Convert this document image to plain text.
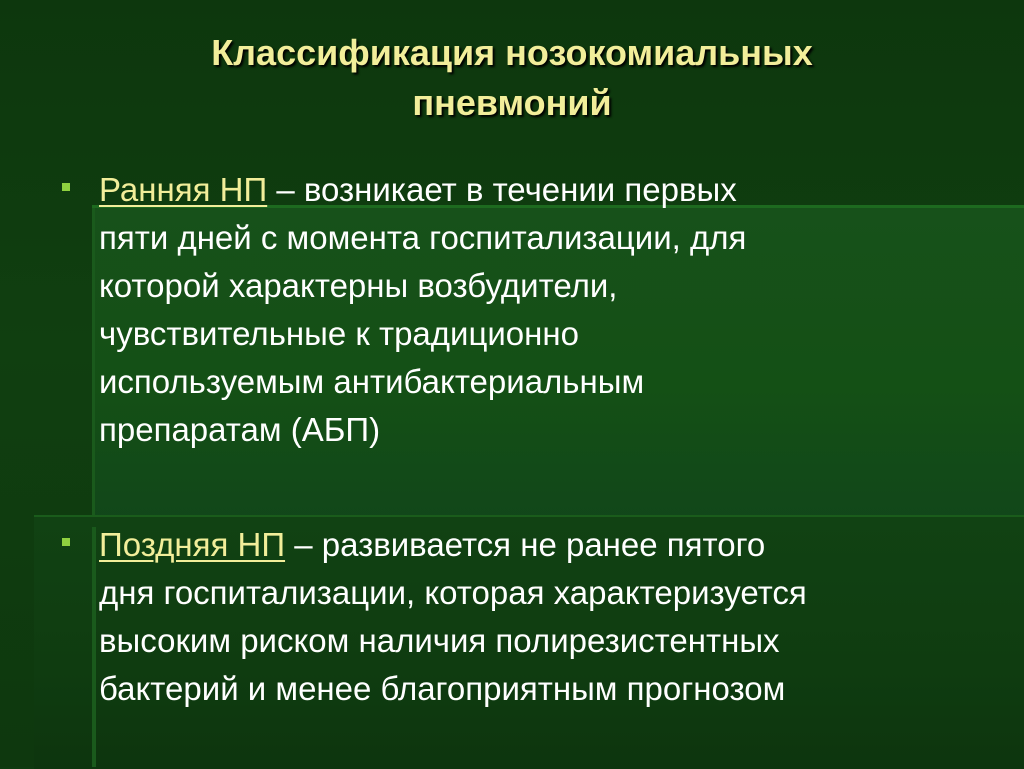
Классификация нозокомиальных
пневмоний
Ранняя НП – возникает в течении первых
пяти дней с момента госпитализации, для
которой характерны возбудители,
чувствительные к традиционно
используемым антибактериальным
препаратам (АБП)
Поздняя НП – развивается не ранее пятого
дня госпитализации, которая характеризуется
высоким риском наличия полирезистентных
бактерий и менее благоприятным прогнозом
